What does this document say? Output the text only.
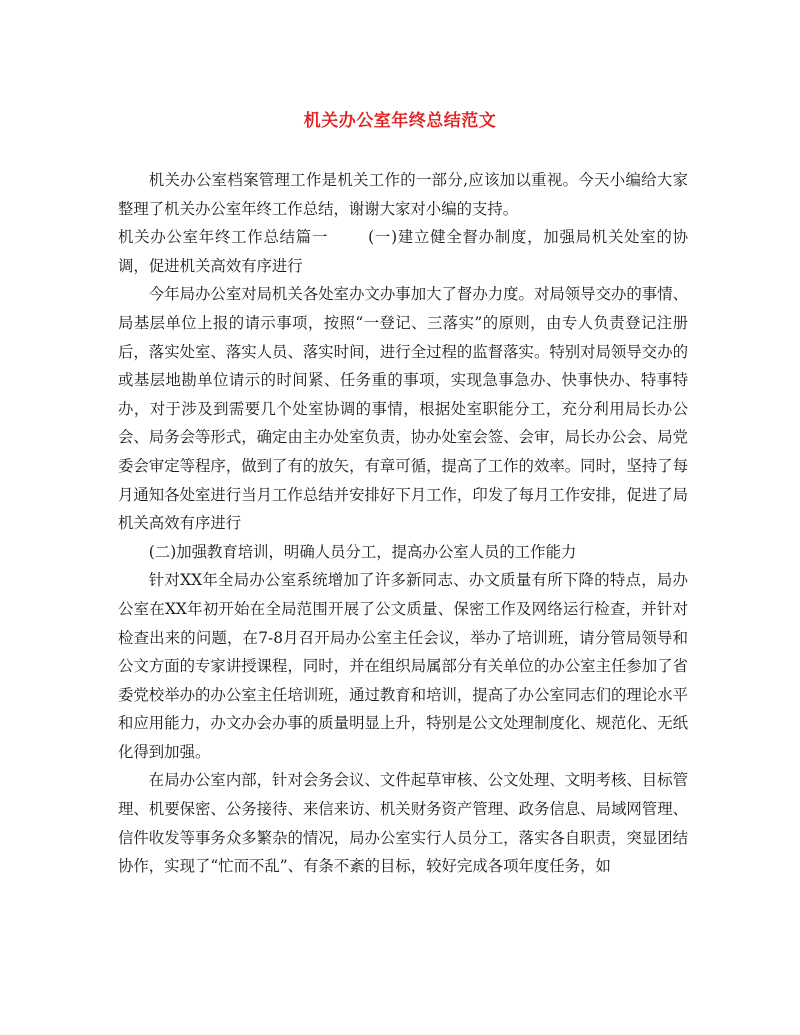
机关办公室年终总结范文

机关办公室档案管理工作是机关工作的一部分,应该加以重视。今天小编给大家整理了机关办公室年终工作总结，谢谢大家对小编的支持。

机关办公室年终工作总结篇一	(一)建立健全督办制度，加强局机关处室的协调，促进机关高效有序进行

今年局办公室对局机关各处室办文办事加大了督办力度。对局领导交办的事情、局基层单位上报的请示事项，按照“一登记、三落实”的原则，由专人负责登记注册后，落实处室、落实人员、落实时间，进行全过程的监督落实。特别对局领导交办的或基层地勘单位请示的时间紧、任务重的事项，实现急事急办、快事快办、特事特办，对于涉及到需要几个处室协调的事情，根据处室职能分工，充分利用局长办公会、局务会等形式，确定由主办处室负责，协办处室会签、会审，局长办公会、局党委会审定等程序，做到了有的放矢，有章可循，提高了工作的效率。同时，坚持了每月通知各处室进行当月工作总结并安排好下月工作，印发了每月工作安排，促进了局机关高效有序进行

(二)加强教育培训，明确人员分工，提高办公室人员的工作能力

针对XX年全局办公室系统增加了许多新同志、办文质量有所下降的特点，局办公室在XX年初开始在全局范围开展了公文质量、保密工作及网络运行检查，并针对检查出来的问题，在7-8月召开局办公室主任会议，举办了培训班，请分管局领导和公文方面的专家讲授课程，同时，并在组织局属部分有关单位的办公室主任参加了省委党校举办的办公室主任培训班，通过教育和培训，提高了办公室同志们的理论水平和应用能力，办文办会办事的质量明显上升，特别是公文处理制度化、规范化、无纸化得到加强。

在局办公室内部，针对会务会议、文件起草审核、公文处理、文明考核、目标管理、机要保密、公务接待、来信来访、机关财务资产管理、政务信息、局域网管理、信件收发等事务众多繁杂的情况，局办公室实行人员分工，落实各自职责，突显团结协作，实现了“忙而不乱”、有条不紊的目标，较好完成各项年度任务，如
